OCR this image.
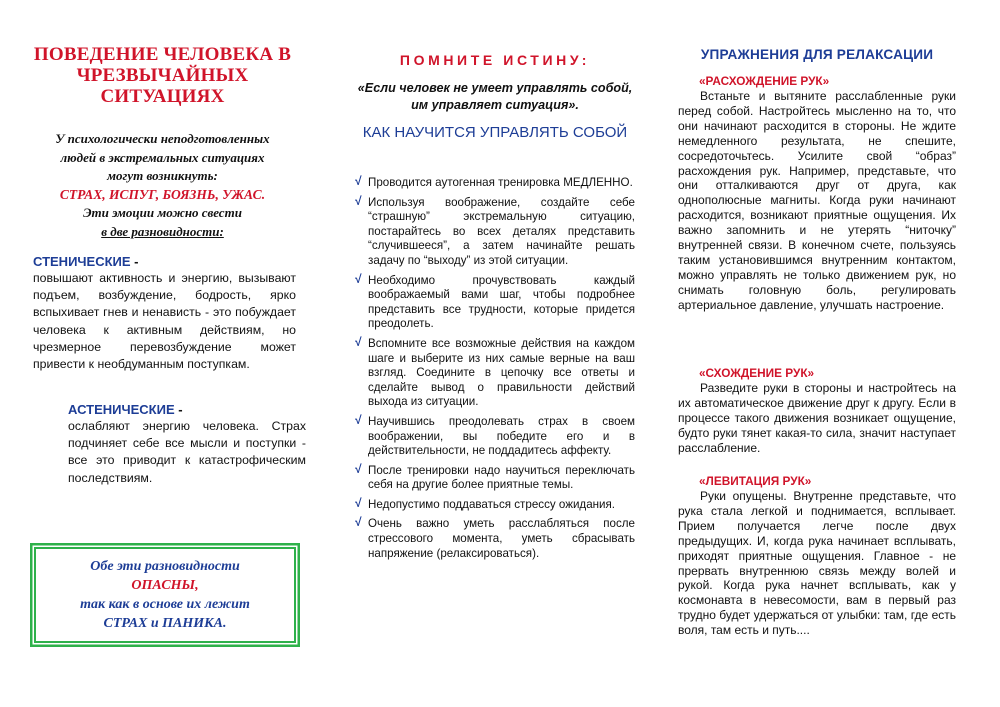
ПОВЕДЕНИЕ ЧЕЛОВЕКА В
ЧРЕЗВЫЧАЙНЫХ
СИТУАЦИЯХ
У психологически неподготовленных
людей в экстремальных ситуациях
могут возникнуть:
СТРАХ, ИСПУГ, БОЯЗНЬ, УЖАС.
Эти эмоции можно свести
в две разновидности:
СТЕНИЧЕСКИЕ -
повышают активность и энергию, вызывают подъем, возбуждение, бодрость, ярко вспыхивает гнев и ненависть - это побуждает человека к активным действиям, но чрезмерное перевозбуждение может привести к необдуманным поступкам.
АСТЕНИЧЕСКИЕ -
ослабляют энергию человека. Страх подчиняет себе все мысли и поступки - все это приводит к катастрофическим последствиям.
Обе эти разновидности
ОПАСНЫ,
так как в основе их лежит
СТРАХ и ПАНИКА.
ПОМНИТЕ ИСТИНУ:
«Если человек не умеет управлять собой, им управляет ситуация».
КАК НАУЧИТСЯ УПРАВЛЯТЬ СОБОЙ
√ Проводится аутогенная тренировка МЕДЛЕННО.
√ Используя воображение, создайте себе “страшную” экстремальную ситуацию, постарайтесь во всех деталях представить “случившееся”, а затем начинайте решать задачу по “выходу” из этой ситуации.
√ Необходимо прочувствовать каждый воображаемый вами шаг, чтобы подробнее представить все трудности, которые придется преодолеть.
√ Вспомните все возможные действия на каждом шаге и выберите из них самые верные на ваш взгляд. Соедините в цепочку все ответы и сделайте вывод о правильности действий выхода из ситуации.
√ Научившись преодолевать страх в своем воображении, вы победите его и в действительности, не поддадитесь аффекту.
√ После тренировки надо научиться переключать себя на другие более приятные темы.
√ Недопустимо поддаваться стрессу ожидания.
√ Очень важно уметь расслабляться после стрессового момента, уметь сбрасывать напряжение (релаксироваться).
УПРАЖНЕНИЯ ДЛЯ РЕЛАКСАЦИИ
«РАСХОЖДЕНИЕ РУК»

Встаньте и вытяните расслабленные руки перед собой. Настройтесь мысленно на то, что они начинают расходится в стороны. Не ждите немедленного результата, не спешите, сосредоточьтесь. Усилите свой “образ” расхождения рук. Например, представьте, что они отталкиваются друг от друга, как однополюсные магниты. Когда руки начинают расходится, возникают приятные ощущения. Их важно запомнить и не утерять “ниточку” внутренней связи. В конечном счете, пользуясь таким установившимся внутренним контактом, можно управлять не только движением рук, но снимать головную боль, регулировать артериальное давление, улучшать настроение.

«СХОЖДЕНИЕ РУК»

Разведите руки в стороны и настройтесь на их автоматическое движение друг к другу. Если в процессе такого движения возникает ощущение, будто руки тянет какая-то сила, значит наступает расслабление.

«ЛЕВИТАЦИЯ РУК»

Руки опущены. Внутренне представьте, что рука стала легкой и поднимается, всплывает. Прием получается легче после двух предыдущих. И, когда рука начинает всплывать, приходят приятные ощущения. Главное - не прервать внутреннюю связь между волей и рукой. Когда рука начнет всплывать, как у космонавта в невесомости, вам в первый раз трудно будет удержаться от улыбки: там, где есть воля, там есть и путь....
